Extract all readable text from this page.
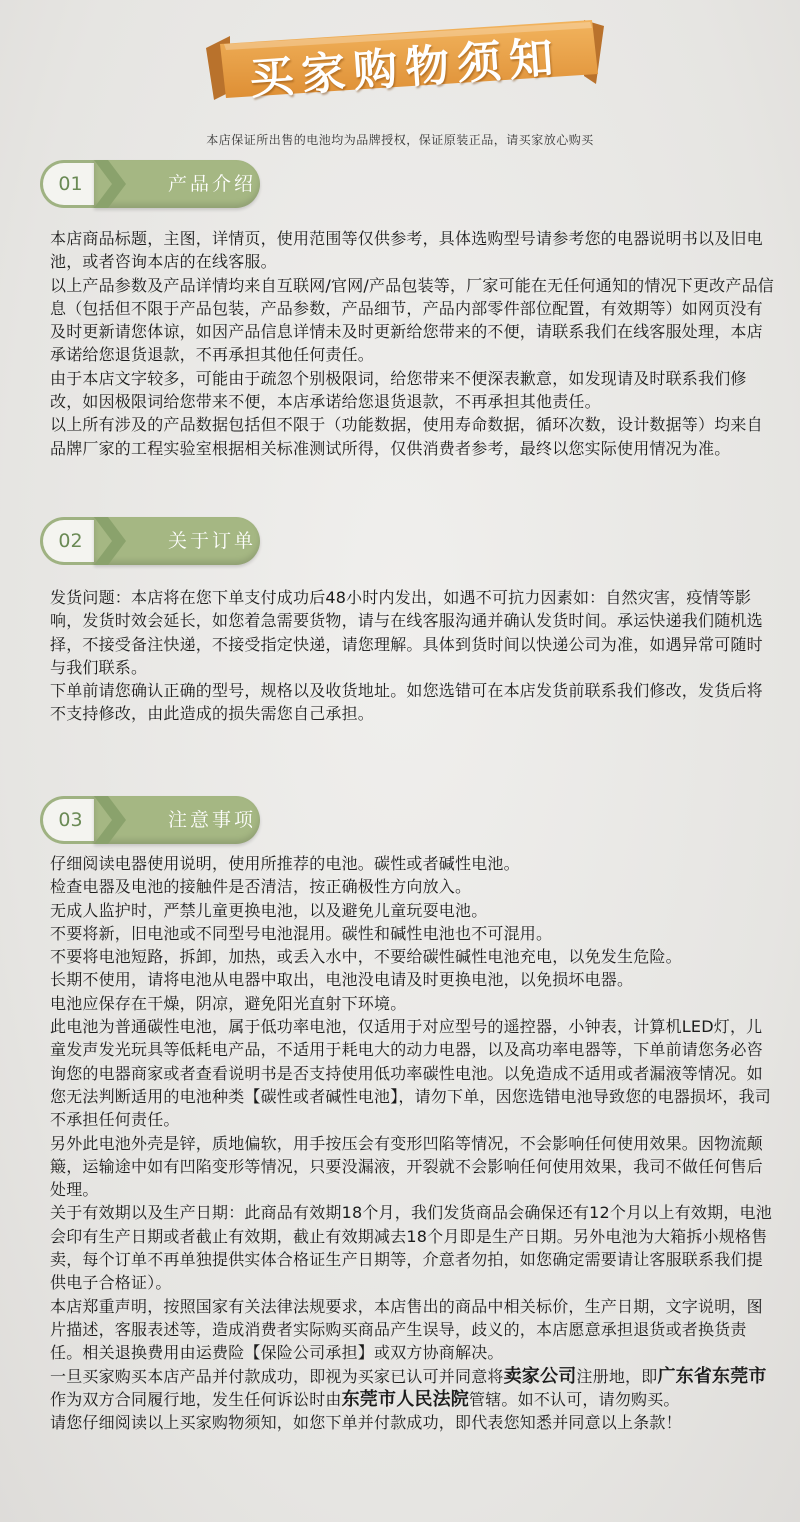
买家购物须知
本店保证所出售的电池均为品牌授权，保证原装正品，请买家放心购买
01	产品介绍

本店商品标题，主图，详情页，使用范围等仅供参考，具体选购型号请参考您的电器说明书以及旧电池，或者咨询本店的在线客服。

以上产品参数及产品详情均来自互联网/官网/产品包装等，厂家可能在无任何通知的情况下更改产品信息（包括但不限于产品包装，产品参数，产品细节，产品内部零件部位配置，有效期等）如网页没有及时更新请您体谅，如因产品信息详情未及时更新给您带来的不便，请联系我们在线客服处理，本店承诺给您退货退款，不再承担其他任何责任。

由于本店文字较多，可能由于疏忽个别极限词，给您带来不便深表歉意，如发现请及时联系我们修改，如因极限词给您带来不便，本店承诺给您退货退款，不再承担其他责任。

以上所有涉及的产品数据包括但不限于（功能数据，使用寿命数据，循环次数，设计数据等）均来自品牌厂家的工程实验室根据相关标准测试所得，仅供消费者参考，最终以您实际使用情况为准。

02	关于订单

发货问题：本店将在您下单支付成功后48小时内发出，如遇不可抗力因素如：自然灾害，疫情等影响，发货时效会延长，如您着急需要货物，请与在线客服沟通并确认发货时间。承运快递我们随机选择，不接受备注快递，不接受指定快递，请您理解。具体到货时间以快递公司为准，如遇异常可随时与我们联系。

下单前请您确认正确的型号，规格以及收货地址。如您选错可在本店发货前联系我们修改，发货后将不支持修改，由此造成的损失需您自己承担。

03	注意事项

仔细阅读电器使用说明，使用所推荐的电池。碳性或者碱性电池。

检查电器及电池的接触件是否清洁，按正确极性方向放入。

无成人监护时，严禁儿童更换电池，以及避免儿童玩耍电池。

不要将新，旧电池或不同型号电池混用。碳性和碱性电池也不可混用。

不要将电池短路，拆卸，加热，或丢入水中，不要给碳性碱性电池充电，以免发生危险。

长期不使用，请将电池从电器中取出，电池没电请及时更换电池，以免损坏电器。

电池应保存在干燥，阴凉，避免阳光直射下环境。

此电池为普通碳性电池，属于低功率电池，仅适用于对应型号的遥控器，小钟表，计算机LED灯，儿童发声发光玩具等低耗电产品，不适用于耗电大的动力电器，以及高功率电器等，下单前请您务必咨询您的电器商家或者查看说明书是否支持使用低功率碳性电池。以免造成不适用或者漏液等情况。如您无法判断适用的电池种类【碳性或者碱性电池】，请勿下单，因您选错电池导致您的电器损坏，我司不承担任何责任。

另外此电池外壳是锌，质地偏软，用手按压会有变形凹陷等情况，不会影响任何使用效果。因物流颠簸，运输途中如有凹陷变形等情况，只要没漏液，开裂就不会影响任何使用效果，我司不做任何售后处理。

关于有效期以及生产日期：此商品有效期18个月，我们发货商品会确保还有12个月以上有效期，电池会印有生产日期或者截止有效期，截止有效期减去18个月即是生产日期。另外电池为大箱拆小规格售卖，每个订单不再单独提供实体合格证生产日期等，介意者勿拍，如您确定需要请让客服联系我们提供电子合格证）。

本店郑重声明，按照国家有关法律法规要求，本店售出的商品中相关标价，生产日期，文字说明，图片描述，客服表述等，造成消费者实际购买商品产生误导，歧义的，本店愿意承担退货或者换货责任。相关退换费用由运费险【保险公司承担】或双方协商解决。

一旦买家购买本店产品并付款成功，即视为买家已认可并同意将卖家公司注册地，即广东省东莞市作为双方合同履行地，发生任何诉讼时由东莞市人民法院管辖。如不认可，请勿购买。

请您仔细阅读以上买家购物须知，如您下单并付款成功，即代表您知悉并同意以上条款！
